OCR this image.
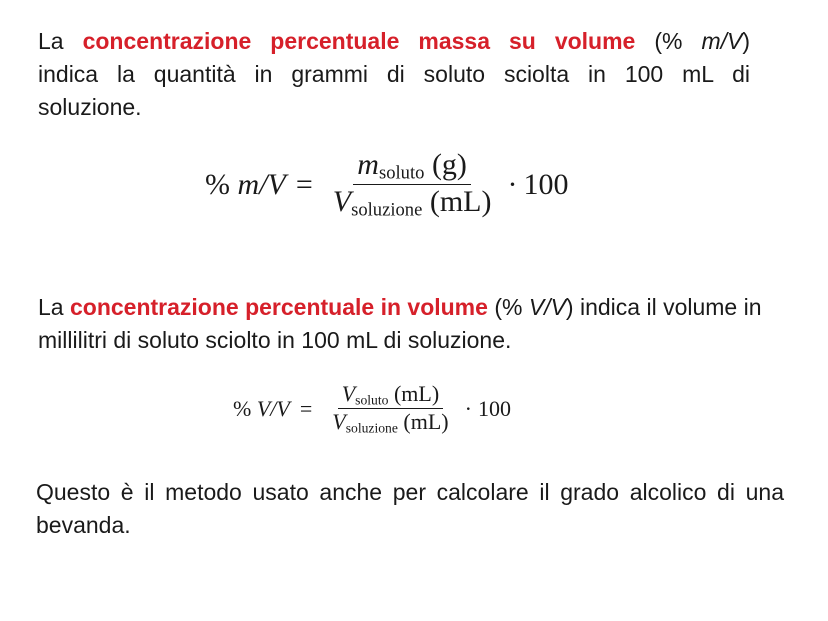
La concentrazione percentuale massa su volume (% m/V) indica la quantità in grammi di soluto sciolta in 100 mL di soluzione.

%
$m/V = \frac{m_{soluto} (g)}{V_{soluzione} (mL)} \cdot 100$

La concentrazione percentuale in volume (% V/V) indica il volume in millilitri di soluto sciolto in 100 mL di soluzione.

%
$V/V = \frac{V_{soluto} (mL)}{V_{soluzione} (mL)} \cdot 100$

Questo è il metodo usato anche per calcolare il grado alcolico di una bevanda.
